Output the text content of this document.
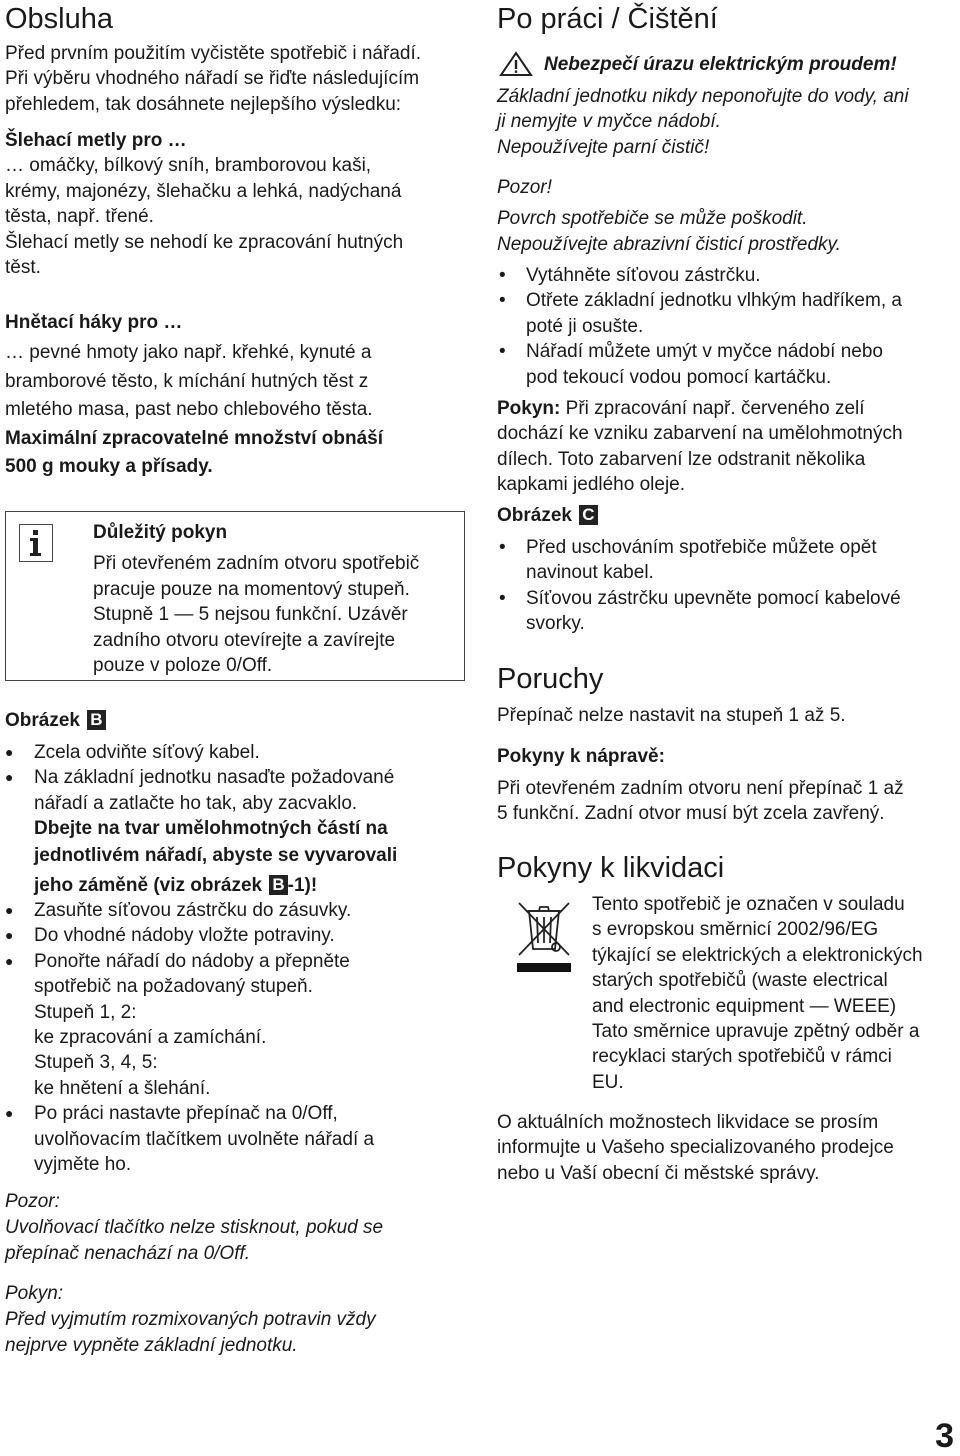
Obsluha

Před prvním použitím vyčistěte spotřebič i nářadí.

Při výběru vhodného nářadí se řiďte následujícím

přehledem, tak dosáhnete nejlepšího výsledku:

Šlehací metly pro …

… omáčky, bílkový sníh, bramborovou kaši,

krémy, majonézy, šlehačku a lehká, nadýchaná

těsta, např. třené.

Šlehací metly se nehodí ke zpracování hutných

těst.

Hnětací háky pro …

… pevné hmoty jako např. křehké, kynuté a

bramborové těsto, k míchání hutných těst z

mletého masa, past nebo chlebového těsta.

Maximální zpracovatelné množství obnáší

500 g mouky a přísady.

Důležitý pokyn

Při otevřeném zadním otvoru spotřebič

pracuje pouze na momentový stupeň.

Stupně 1 — 5 nejsou funkční. Uzávěr

zadního otvoru otevírejte a zavírejte

pouze v poloze 0/Off.

Obrázek B

● Zcela odviňte síťový kabel.
● Na základní jednotku nasaďte požadované
nářadí a zatlačte ho tak, aby zacvaklo.
Dbejte na tvar umělohmotných částí na
jednotlivém nářadí, abyste se vyvarovali
jeho záměně (viz obrázek B -1)!
● Zasuňte síťovou zástrčku do zásuvky.
● Do vhodné nádoby vložte potraviny.
● Ponořte nářadí do nádoby a přepněte
spotřebič na požadovaný stupeň.
Stupeň 1, 2:
ke zpracování a zamíchání.
Stupeň 3, 4, 5:
ke hnětení a šlehání.
● Po práci nastavte přepínač na 0/Off,
uvolňovacím tlačítkem uvolněte nářadí a
vyjměte ho.

Pozor:

Uvolňovací tlačítko nelze stisknout, pokud se

přepínač nenachází na 0/Off.

Pokyn:

Před vyjmutím rozmixovaných potravin vždy

nejprve vypněte základní jednotku.

Po práci / Čištění

Nebezpečí úrazu elektrickým proudem!

Základní jednotku nikdy neponořujte do vody, ani

ji nemyjte v myčce nádobí.

Nepoužívejte parní čistič!

Pozor!

Povrch spotřebiče se může poškodit.

Nepoužívejte abrazivní čisticí prostředky.

• Vytáhněte síťovou zástrčku.
• Otřete základní jednotku vlhkým hadříkem, a
poté ji osušte.
• Nářadí můžete umýt v myčce nádobí nebo
pod tekoucí vodou pomocí kartáčku.

Pokyn: Při zpracování např. červeného zelí

dochází ke vzniku zabarvení na umělohmotných

dílech. Toto zabarvení lze odstranit několika

kapkami jedlého oleje.

Obrázek C

• Před uschováním spotřebiče můžete opět
navinout kabel.
• Síťovou zástrčku upevněte pomocí kabelové
svorky.
Poruchy

Přepínač nelze nastavit na stupeň 1 až 5.

Pokyny k nápravě:

Při otevřeném zadním otvoru není přepínač 1 až

5 funkční. Zadní otvor musí být zcela zavřený.

Pokyny k likvidaci

Tento spotřebič je označen v souladu

s evropskou směrnicí 2002/96/EG

týkající se elektrických a elektronických

starých spotřebičů (waste electrical

and electronic equipment — WEEE)

Tato směrnice upravuje zpětný odběr a

recyklaci starých spotřebičů v rámci

EU.

O aktuálních možnostech likvidace se prosím

informujte u Vašeho specializovaného prodejce

nebo u Vaší obecní či městské správy.

3
